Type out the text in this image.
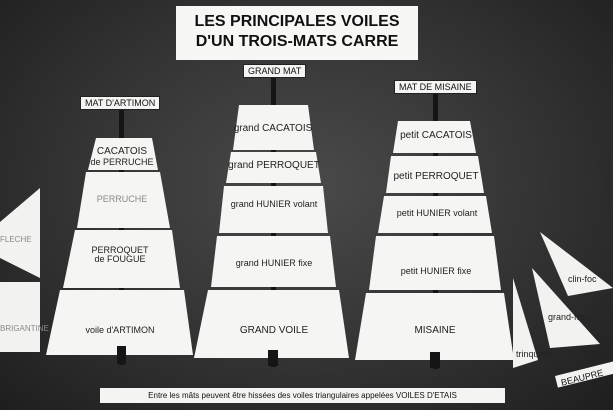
LES PRINCIPALES VOILES
D'UN TROIS-MATS CARRE
MAT D'ARTIMON
GRAND MAT
MAT DE MISAINE
CACATOIS
de PERRUCHE
PERRUCHE
PERROQUET
de FOUGUE
voile d'ARTIMON
grand CACATOIS
grand PERROQUET
grand HUNIER volant
grand HUNIER fixe
GRAND VOILE
petit CACATOIS
petit PERROQUET
petit HUNIER volant
petit HUNIER fixe
MISAINE
FLECHE
BRIGANTINE
clin-foc
grand-foc
trinquette
BEAUPRE
Entre les mâts peuvent être hissées des voiles triangulaires appelées VOILES D'ETAIS
